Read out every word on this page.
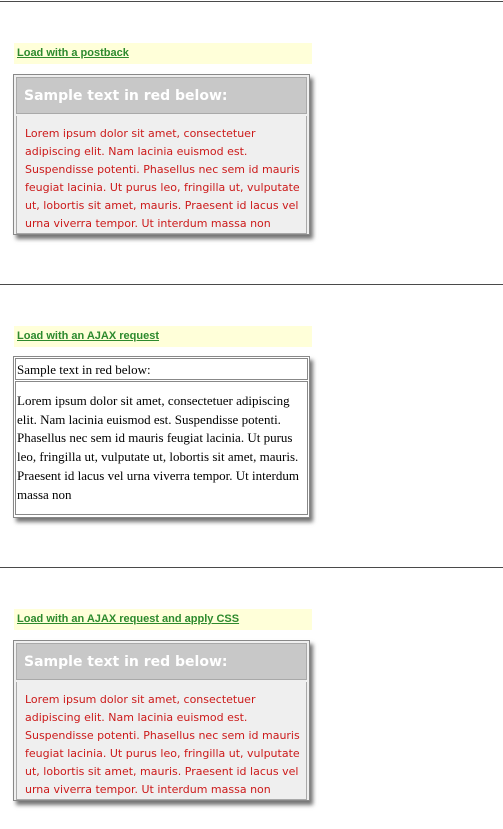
Load with a postback
Sample text in red below:

Lorem ipsum dolor sit amet, consectetuer adipiscing elit. Nam lacinia euismod est. Suspendisse potenti. Phasellus nec sem id mauris feugiat lacinia. Ut purus leo, fringilla ut, vulputate ut, lobortis sit amet, mauris. Praesent id lacus vel urna viverra tempor. Ut interdum massa non

Load with an AJAX request
Sample text in red below:

Lorem ipsum dolor sit amet, consectetuer adipiscing elit. Nam lacinia euismod est. Suspendisse potenti. Phasellus nec sem id mauris feugiat lacinia. Ut purus leo, fringilla ut, vulputate ut, lobortis sit amet, mauris. Praesent id lacus vel urna viverra tempor. Ut interdum massa non

Load with an AJAX request and apply CSS
Sample text in red below:

Lorem ipsum dolor sit amet, consectetuer adipiscing elit. Nam lacinia euismod est. Suspendisse potenti. Phasellus nec sem id mauris feugiat lacinia. Ut purus leo, fringilla ut, vulputate ut, lobortis sit amet, mauris. Praesent id lacus vel urna viverra tempor. Ut interdum massa non
